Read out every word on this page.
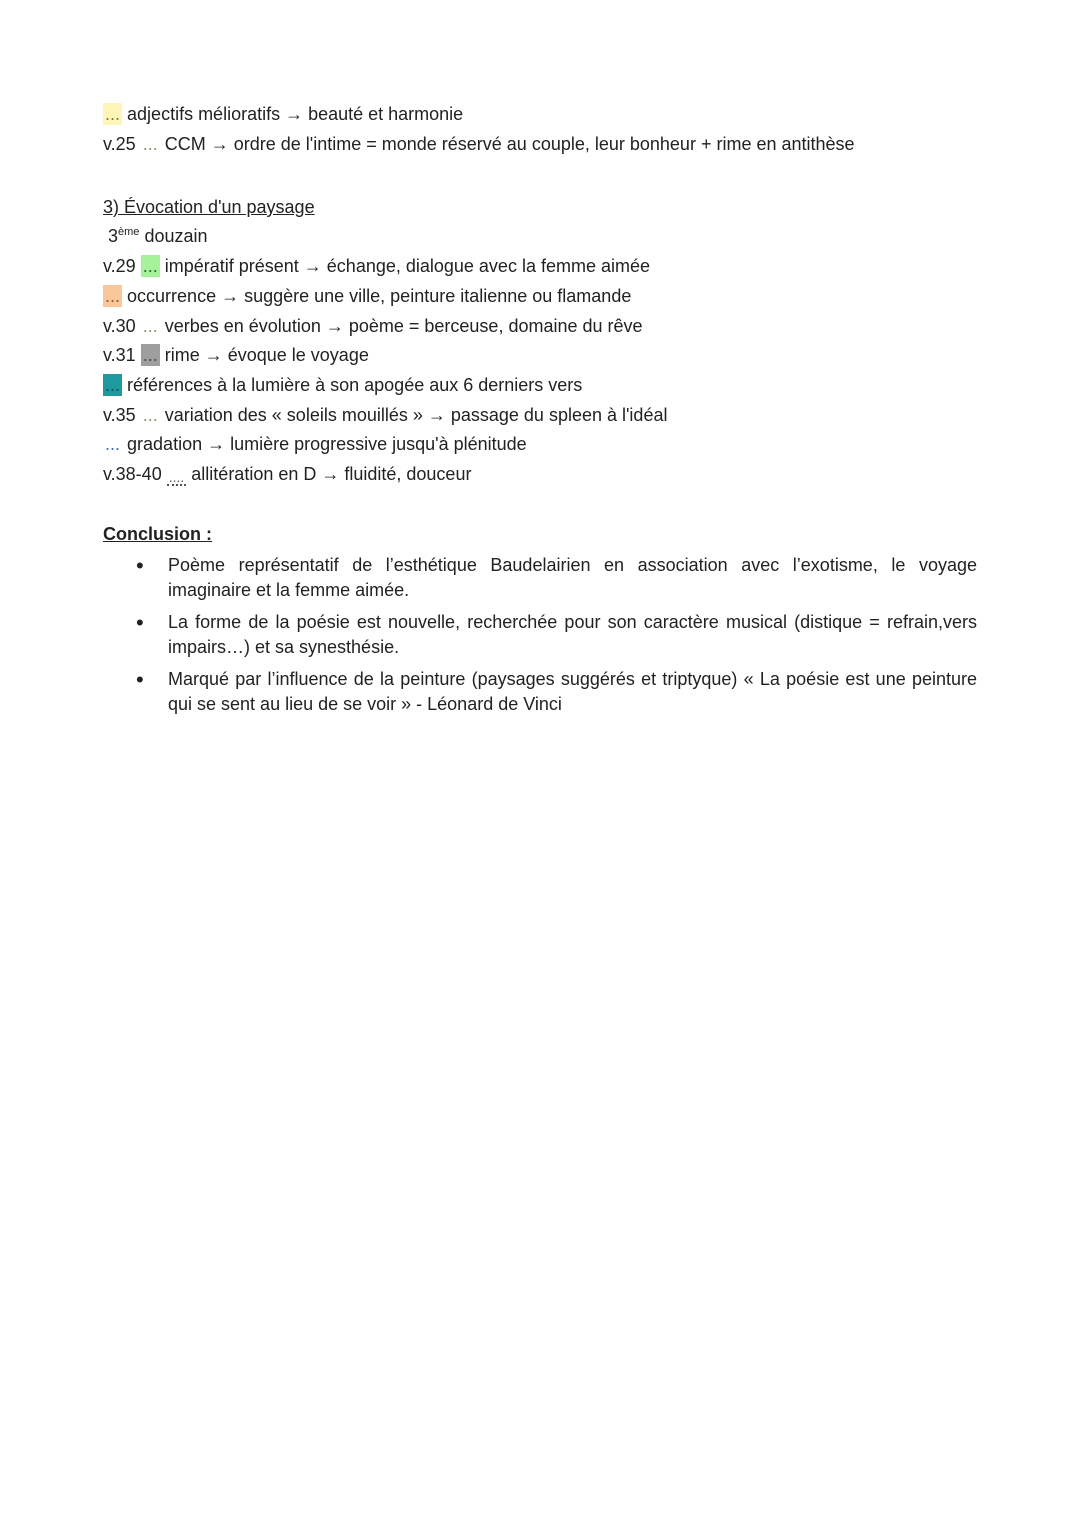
... adjectifs mélioratifs → beauté et harmonie
v.25 ... CCM → ordre de l'intime = monde réservé au couple, leur bonheur + rime en antithèse
3) Évocation d'un paysage
3ème douzain
v.29 ... impératif présent → échange, dialogue avec la femme aimée
... occurrence → suggère une ville, peinture italienne ou flamande
v.30 ... verbes en évolution → poème = berceuse, domaine du rêve
v.31 ... rime → évoque le voyage
... références à la lumière à son apogée aux 6 derniers vers
v.35 ... variation des « soleils mouillés » → passage du spleen à l'idéal
... gradation → lumière progressive jusqu'à plénitude
v.38-40 .... allitération en D → fluidité, douceur
Conclusion :
• Poème représentatif de l’esthétique Baudelairien en association avec l’exotisme, le voyage imaginaire et la femme aimée.
• La forme de la poésie est nouvelle, recherchée pour son caractère musical (distique = refrain,vers impairs…) et sa synesthésie.
• Marqué par l’influence de la peinture (paysages suggérés et triptyque) « La poésie est une peinture qui se sent au lieu de se voir » - Léonard de Vinci
